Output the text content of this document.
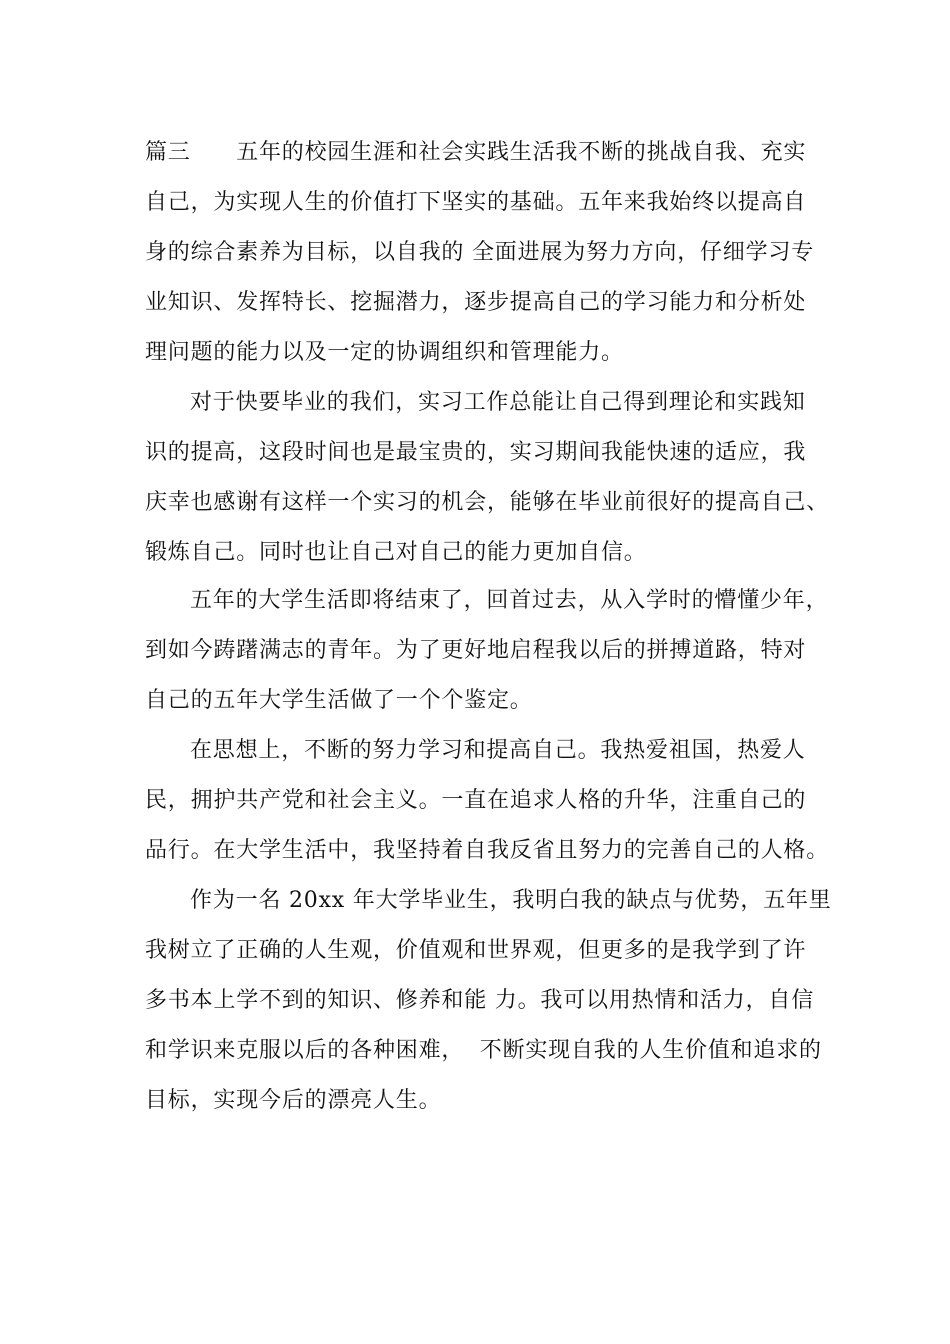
篇三　　五年的校园生涯和社会实践生活我不断的挑战自我、充实
自己，为实现人生的价值打下坚实的基础。五年来我始终以提高自
身的综合素养为目标，以自我的 全面进展为努力方向，仔细学习专
业知识、发挥特长、挖掘潜力，逐步提高自己的学习能力和分析处
理问题的能力以及一定的协调组织和管理能力。
对于快要毕业的我们，实习工作总能让自己得到理论和实践知
识的提高，这段时间也是最宝贵的，实习期间我能快速的适应，我
庆幸也感谢有这样一个实习的机会，能够在毕业前很好的提高自己、
锻炼自己。同时也让自己对自己的能力更加自信。
五年的大学生活即将结束了，回首过去，从入学时的懵懂少年，
到如今踌躇满志的青年。为了更好地启程我以后的拼搏道路，特对
自己的五年大学生活做了一个个鉴定。
在思想上，不断的努力学习和提高自己。我热爱祖国，热爱人
民，拥护共产党和社会主义。一直在追求人格的升华，注重自己的
品行。在大学生活中，我坚持着自我反省且努力的完善自己的人格。
作为一名 20xx 年大学毕业生，我明白我的缺点与优势，五年里
我树立了正确的人生观，价值观和世界观，但更多的是我学到了许
多书本上学不到的知识、修养和能 力。我可以用热情和活力，自信
和学识来克服以后的各种困难，  不断实现自我的人生价值和追求的
目标，实现今后的漂亮人生。
